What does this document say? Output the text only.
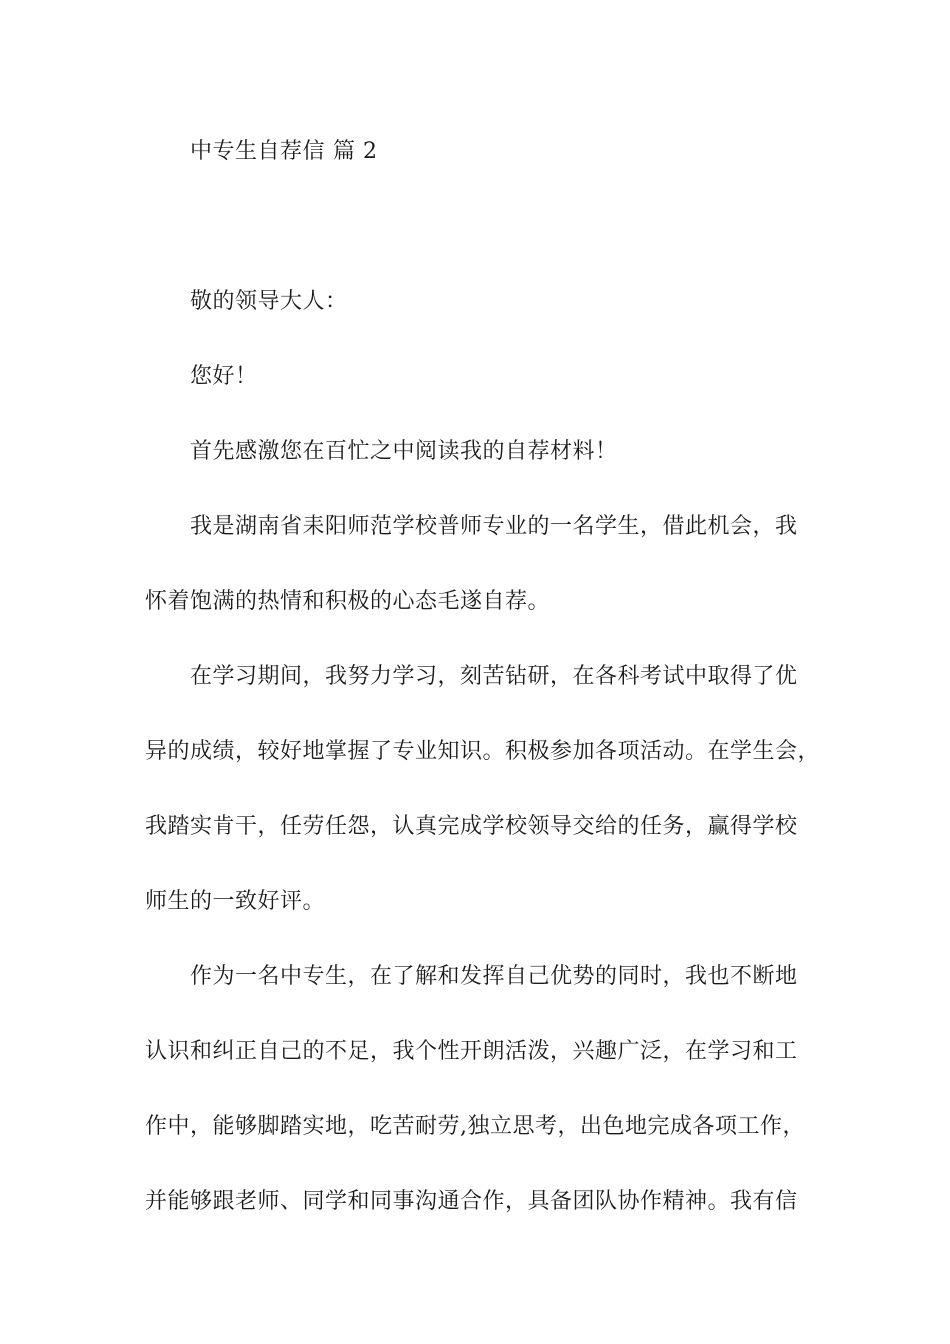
中专生自荐信 篇 2
敬的领导大人：
您好！
首先感激您在百忙之中阅读我的自荐材料！
我是湖南省耒阳师范学校普师专业的一名学生，借此机会，我
怀着饱满的热情和积极的心态毛遂自荐。
在学习期间，我努力学习，刻苦钻研，在各科考试中取得了优
异的成绩，较好地掌握了专业知识。积极参加各项活动。在学生会，
我踏实肯干，任劳任怨，认真完成学校领导交给的任务，赢得学校
师生的一致好评。
作为一名中专生，在了解和发挥自己优势的同时，我也不断地
认识和纠正自己的不足，我个性开朗活泼，兴趣广泛，在学习和工
作中，能够脚踏实地，吃苦耐劳,独立思考，出色地完成各项工作，
并能够跟老师、同学和同事沟通合作，具备团队协作精神。我有信
